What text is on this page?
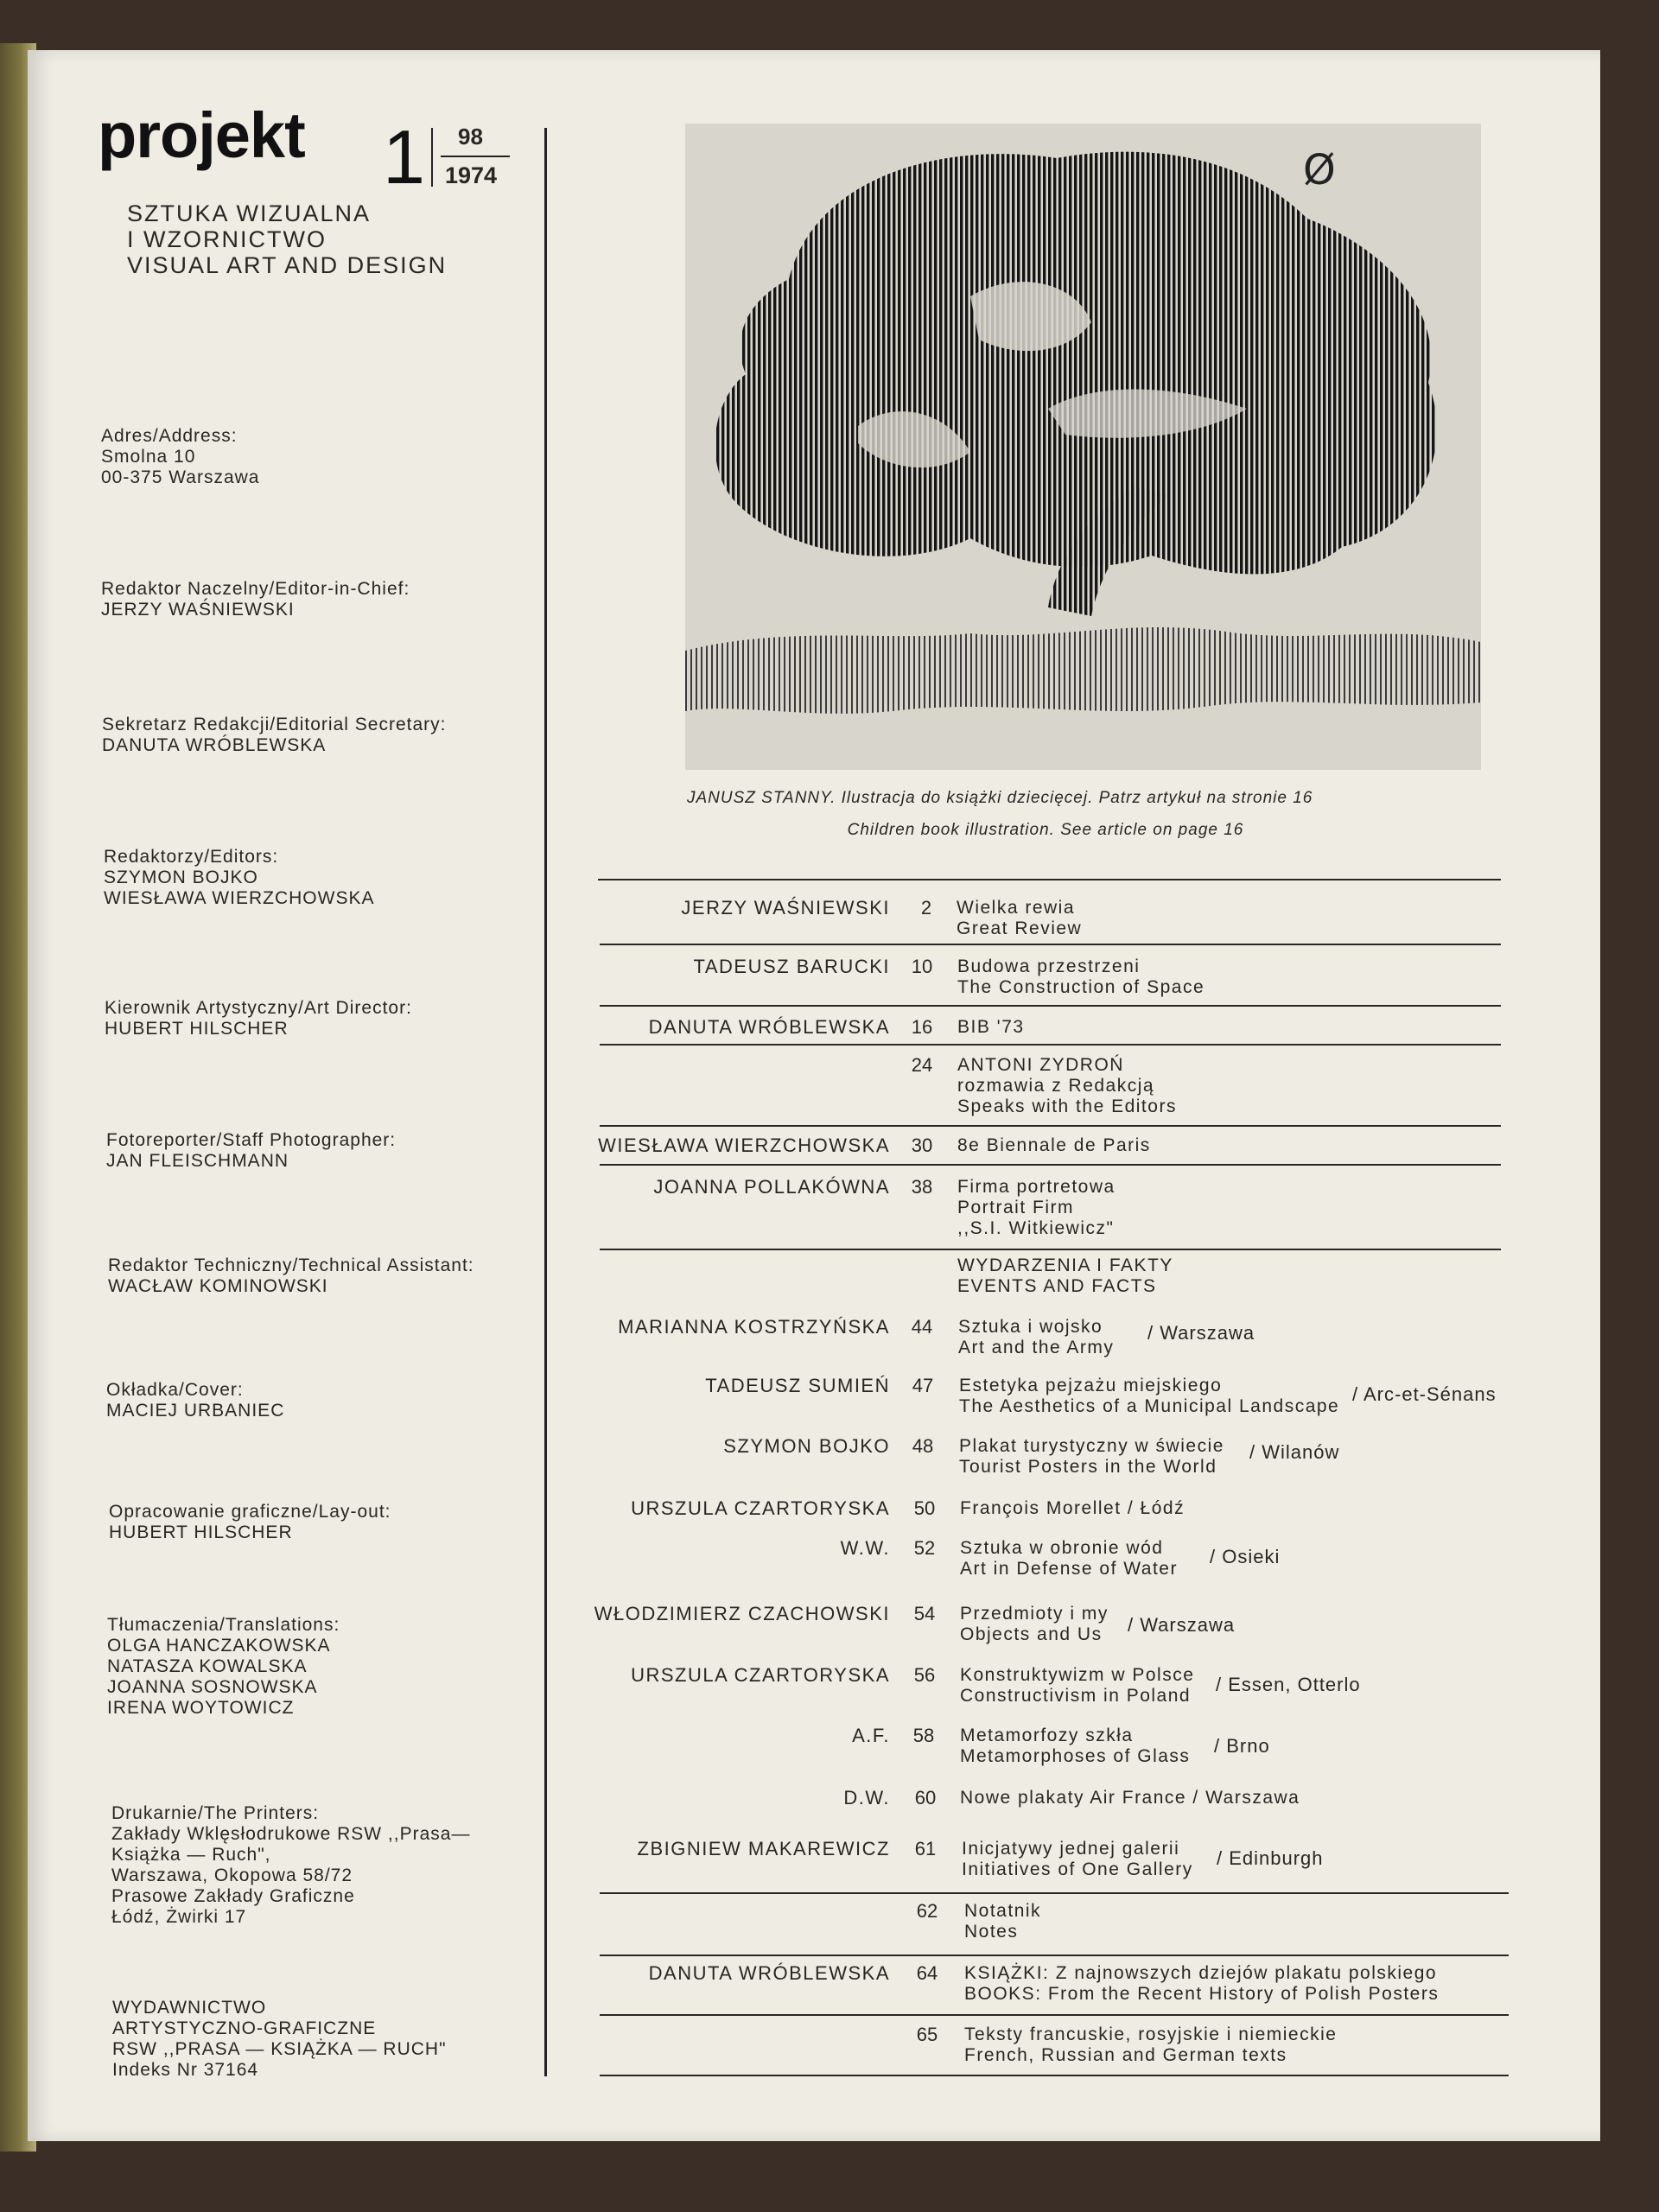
projekt 1 98
1974
SZTUKA WIZUALNA
I WZORNICTWO
VISUAL ART AND DESIGN
Adres/Address:
Smolna 10
00-375 Warszawa
Redaktor Naczelny/Editor-in-Chief:
JERZY WAŚNIEWSKI
Sekretarz Redakcji/Editorial Secretary:
DANUTA WRÓBLEWSKA
Redaktorzy/Editors:
SZYMON BOJKO
WIESŁAWA WIERZCHOWSKA
Kierownik Artystyczny/Art Director:
HUBERT HILSCHER
Fotoreporter/Staff Photographer:
JAN FLEISCHMANN
Redaktor Techniczny/Technical Assistant:
WACŁAW KOMINOWSKI
Okładka/Cover:
MACIEJ URBANIEC
Opracowanie graficzne/Lay-out:
HUBERT HILSCHER
Tłumaczenia/Translations:
OLGA HANCZAKOWSKA
NATASZA KOWALSKA
JOANNA SOSNOWSKA
IRENA WOYTOWICZ
Drukarnie/The Printers:
Zakłady Wklęsłodrukowe RSW ,,Prasa—
Książka — Ruch",
Warszawa, Okopowa 58/72
Prasowe Zakłady Graficzne
Łódź, Żwirki 17
WYDAWNICTWO
ARTYSTYCZNO-GRAFICZNE
RSW ,,PRASA — KSIĄŻKA — RUCH"
Indeks Nr 37164
Ø
JANUSZ STANNY. Ilustracja do książki dziecięcej. Patrz artykuł na stronie 16
Children book illustration. See article on page 16
JERZY WAŚNIEWSKI	2	Wielka rewia
Great Review
TADEUSZ BARUCKI	10	Budowa przestrzeni
The Construction of Space
DANUTA WRÓBLEWSKA	16	BIB '73
24	ANTONI ZYDROŃ
rozmawia z Redakcją
Speaks with the Editors
WIESŁAWA WIERZCHOWSKA	30	8e Biennale de Paris
JOANNA POLLAKÓWNA	38	Firma portretowa
Portrait Firm
,,S.I. Witkiewicz"
WYDARZENIA I FAKTY
EVENTS AND FACTS
MARIANNA KOSTRZYŃSKA	44	Sztuka i wojsko
Art and the Army
/ Warszawa
TADEUSZ SUMIEŃ	47	Estetyka pejzażu miejskiego
The Aesthetics of a Municipal Landscape
/ Arc-et-Sénans
SZYMON BOJKO	48	Plakat turystyczny w świecie
Tourist Posters in the World
/ Wilanów
URSZULA CZARTORYSKA	50	François Morellet / Łódź
W.W.	52	Sztuka w obronie wód
Art in Defense of Water
/ Osieki
WŁODZIMIERZ CZACHOWSKI	54	Przedmioty i my
Objects and Us	/ Warszawa
URSZULA CZARTORYSKA	56	Konstruktywizm w Polsce
Constructivism in Poland
/ Essen, Otterlo
A.F.	58	Metamorfozy szkła
Metamorphoses of Glass / Brno
D.W.	60	Nowe plakaty Air France / Warszawa
ZBIGNIEW MAKAREWICZ	61	Inicjatywy jednej galerii
Initiatives of One Gallery
/ Edinburgh
62	Notatnik
Notes
DANUTA WRÓBLEWSKA	64	KSIĄŻKI: Z najnowszych dziejów plakatu polskiego
BOOKS: From the Recent History of Polish Posters
65	Teksty francuskie, rosyjskie i niemieckie
French, Russian and German texts
